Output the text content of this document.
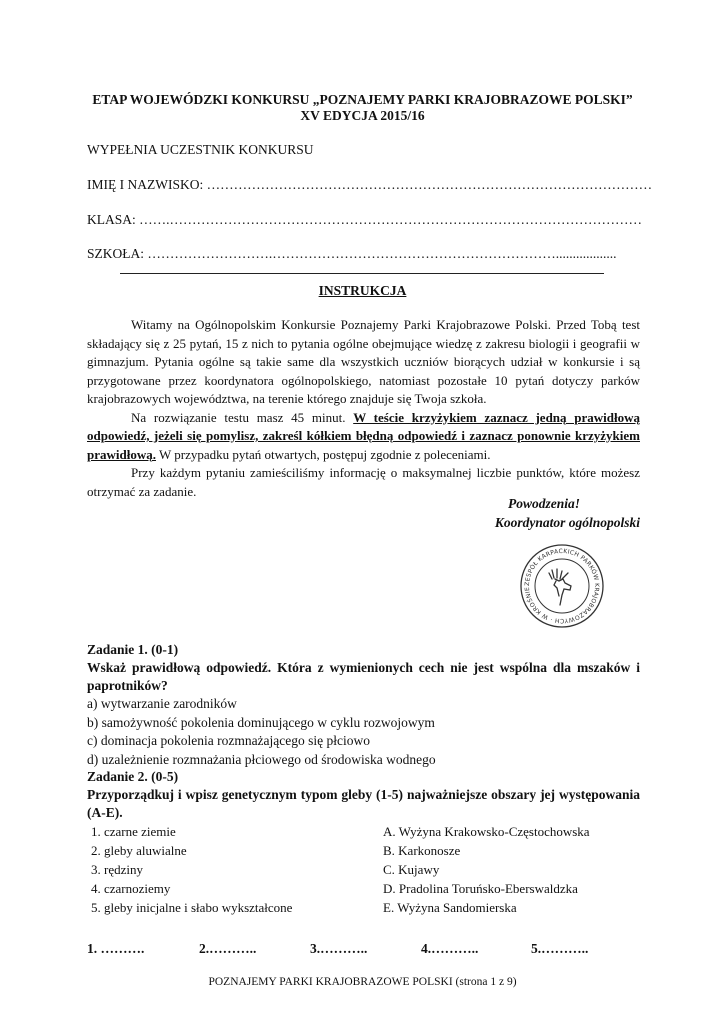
ETAP WOJEWÓDZKI KONKURSU „POZNAJEMY PARKI KRAJOBRAZOWE POLSKI”
XV EDYCJA 2015/16
WYPEŁNIA UCZESTNIK KONKURSU
IMIĘ I NAZWISKO: ………………………………………………………………………………………
KLASA: …….……………………………………………………………………………………………
SZKOŁA: ……………………….………………………………………………………..................
INSTRUKCJA

Witamy na Ogólnopolskim Konkursie Poznajemy Parki Krajobrazowe Polski. Przed Tobą test składający się z 25 pytań, 15 z nich to pytania ogólne obejmujące wiedzę z zakresu biologii i geografii w gimnazjum. Pytania ogólne są takie same dla wszystkich uczniów biorących udział w konkursie i są przygotowane przez koordynatora ogólnopolskiego, natomiast pozostałe 10 pytań dotyczy parków krajobrazowych województwa, na terenie którego znajduje się Twoja szkoła.

Na rozwiązanie testu masz 45 minut. W teście krzyżykiem zaznacz jedną prawidłową odpowiedź, jeżeli się pomylisz, zakreśl kółkiem błędną odpowiedź i zaznacz ponownie krzyżykiem prawidłową. W przypadku pytań otwartych, postępuj zgodnie z poleceniami.

Przy każdym pytaniu zamieściliśmy informację o maksymalnej liczbie punktów, które możesz otrzymać za zadanie.

Powodzenia!
Koordynator ogólnopolski
ZESPÓŁ KARPACKICH PARKÓW KRAJOBRAZOWYCH · W KROŚNIE
Zadanie 1. (0-1)
Wskaż prawidłową odpowiedź. Która z wymienionych cech nie jest wspólna dla mszaków i paprotników?
a) wytwarzanie zarodników
b) samożywność pokolenia dominującego w cyklu rozwojowym
c) dominacja pokolenia rozmnażającego się płciowo
d) uzależnienie rozmnażania płciowego od środowiska wodnego
Zadanie 2. (0-5)
Przyporządkuj i wpisz genetycznym typom gleby (1-5) najważniejsze obszary jej występowania (A-E).
1. czarne ziemie	A. Wyżyna Krakowsko-Częstochowska
2. gleby aluwialne	B. Karkonosze
3. rędziny	C. Kujawy
4. czarnoziemy	D. Pradolina Toruńsko-Eberswaldzka
5. gleby inicjalne i słabo wykształcone	E. Wyżyna Sandomierska
1. ……….	2.………..	3.………..	4.………..	5.………..
POZNAJEMY PARKI KRAJOBRAZOWE POLSKI (strona 1 z 9)
